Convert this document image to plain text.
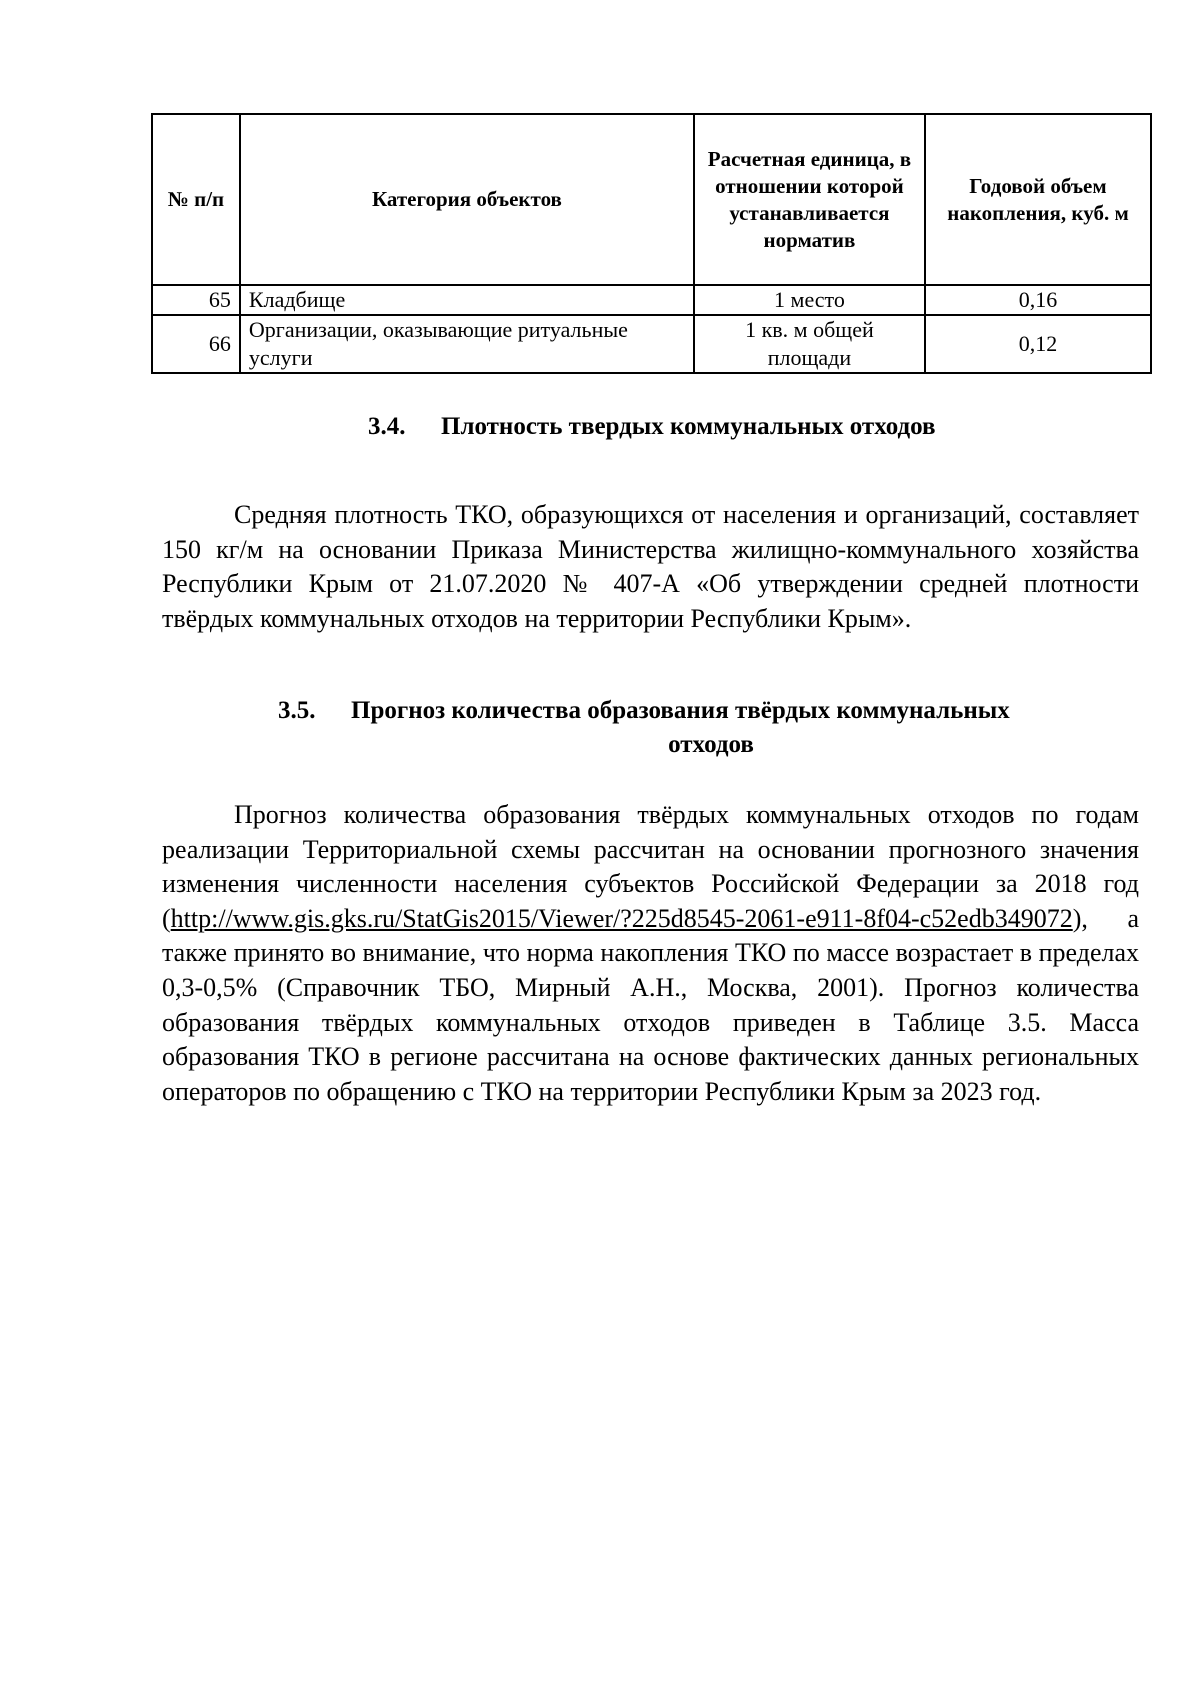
№ п/п	Категория объектов	Расчетная единица, в отношении которой устанавливается норматив	Годовой объем накопления, куб. м
65	Кладбище	1 место	0,16
66	Организации, оказывающие ритуальные услуги	1 кв. м общей площади	0,12
3.4. Плотность твердых коммунальных отходов

Средняя плотность ТКО, образующихся от населения и организаций, составляет 150 кг/м на основании Приказа Министерства жилищно-коммунального хозяйства Республики Крым от 21.07.2020 № 407-А «Об утверждении средней плотности твёрдых коммунальных отходов на территории Республики Крым».

3.5. Прогноз количества образования твёрдых коммунальных
отходов

Прогноз количества образования твёрдых коммунальных отходов по годам реализации Территориальной схемы рассчитан на основании прогнозного значения изменения численности населения субъектов Российской Федерации за 2018 год (http://www.gis.gks.ru/StatGis2015/Viewer/?225d8545-2061-e911-8f04-c52edb349072), а также принято во внимание, что норма накопления ТКО по массе возрастает в пределах 0,3-0,5% (Справочник ТБО, Мирный А.Н., Москва, 2001). Прогноз количества образования твёрдых коммунальных отходов приведен в Таблице 3.5. Масса образования ТКО в регионе рассчитана на основе фактических данных региональных операторов по обращению с ТКО на территории Республики Крым за 2023 год.
